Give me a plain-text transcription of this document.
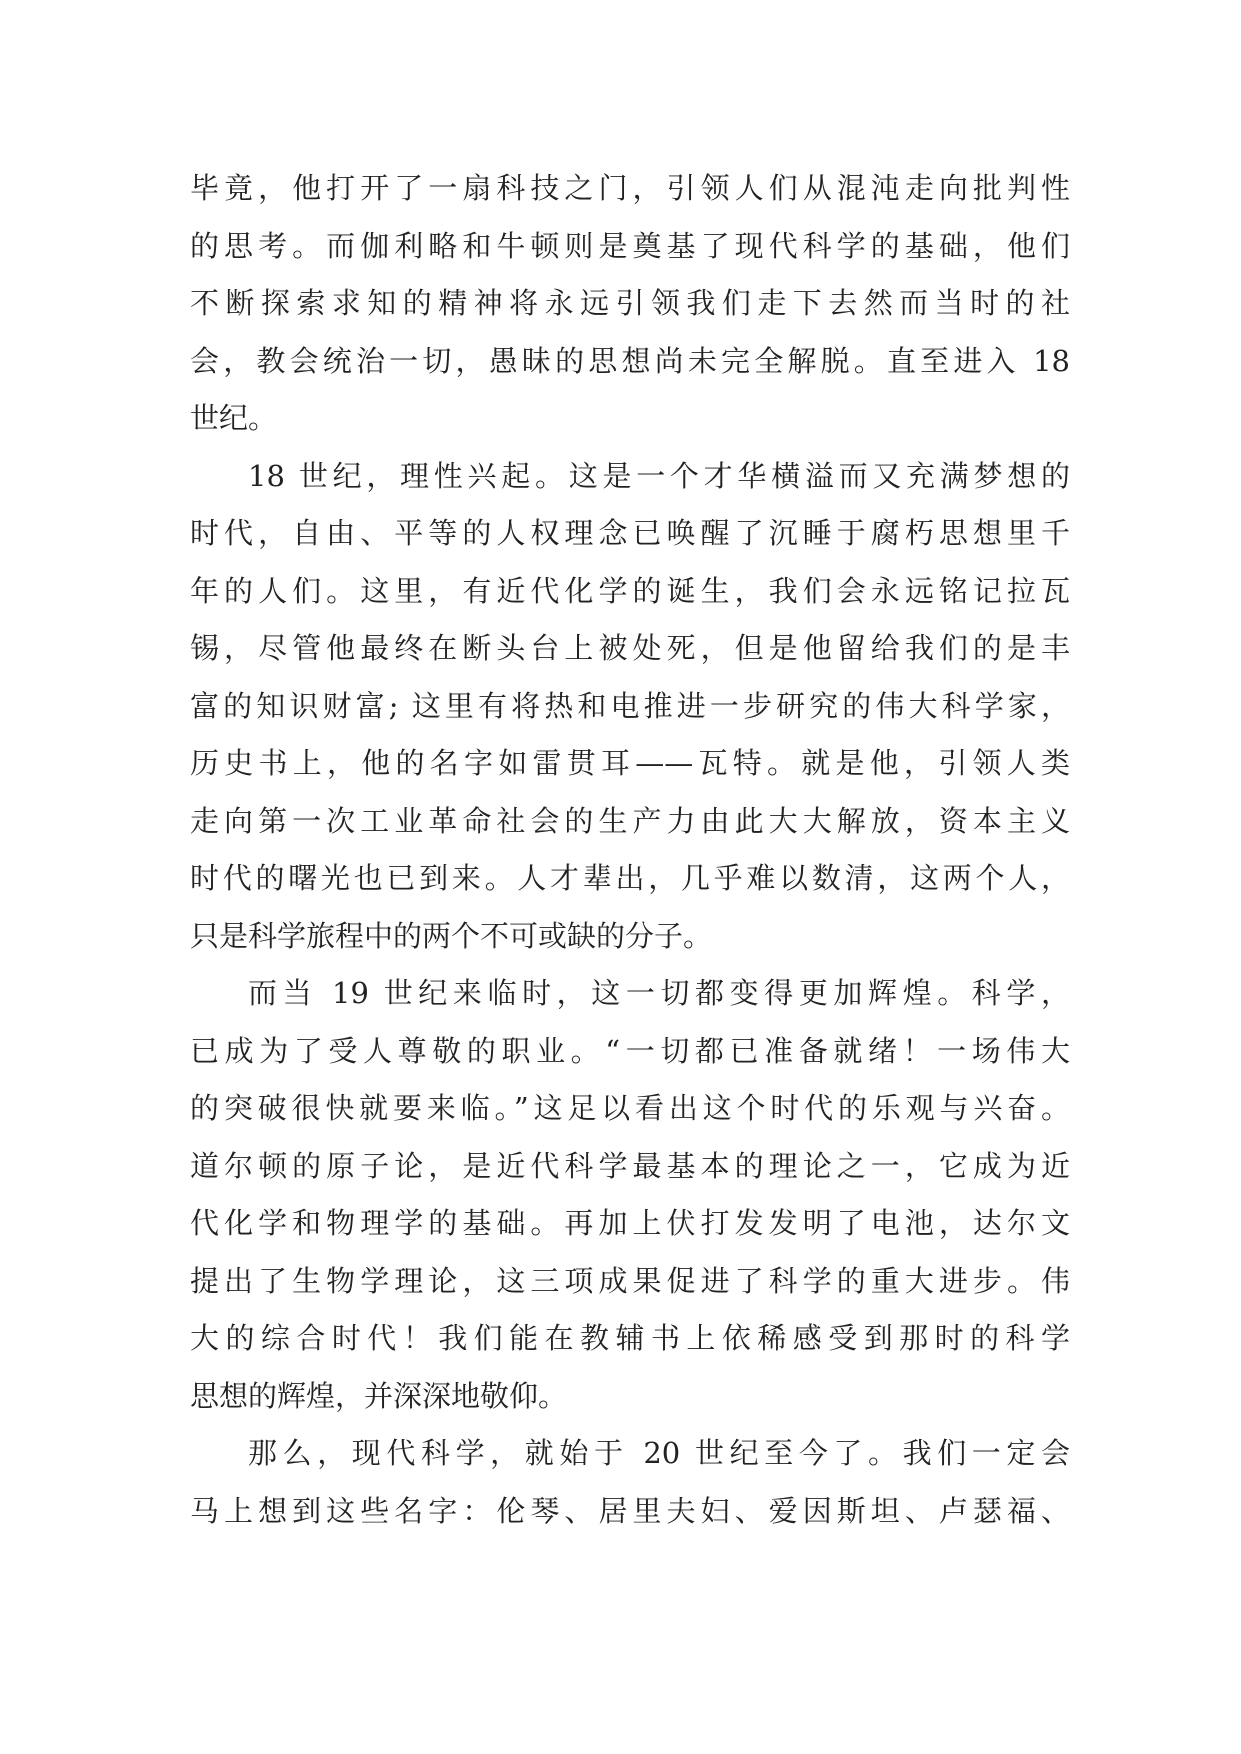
毕竟，他打开了一扇科技之门，引领人们从混沌走向批判性
的思考。而伽利略和牛顿则是奠基了现代科学的基础，他们
不断探索求知的精神将永远引领我们走下去然而当时的社
会，教会统治一切，愚昧的思想尚未完全解脱。直至进入 18
世纪。
18 世纪，理性兴起。这是一个才华横溢而又充满梦想的
时代，自由、平等的人权理念已唤醒了沉睡于腐朽思想里千
年的人们。这里，有近代化学的诞生，我们会永远铭记拉瓦
锡，尽管他最终在断头台上被处死，但是他留给我们的是丰
富的知识财富; 这里有将热和电推进一步研究的伟大科学家，
历史书上，他的名字如雷贯耳——瓦特。就是他，引领人类
走向第一次工业革命社会的生产力由此大大解放，资本主义
时代的曙光也已到来。人才辈出，几乎难以数清，这两个人，
只是科学旅程中的两个不可或缺的分子。
而当 19 世纪来临时，这一切都变得更加辉煌。科学，
已成为了受人尊敬的职业。“一切都已准备就绪！一场伟大
的突破很快就要来临。”这足以看出这个时代的乐观与兴奋。
道尔顿的原子论，是近代科学最基本的理论之一，它成为近
代化学和物理学的基础。再加上伏打发发明了电池，达尔文
提出了生物学理论，这三项成果促进了科学的重大进步。伟
大的综合时代！我们能在教辅书上依稀感受到那时的科学
思想的辉煌，并深深地敬仰。
那么，现代科学，就始于 20 世纪至今了。我们一定会
马上想到这些名字：伦琴、居里夫妇、爱因斯坦、卢瑟福、
